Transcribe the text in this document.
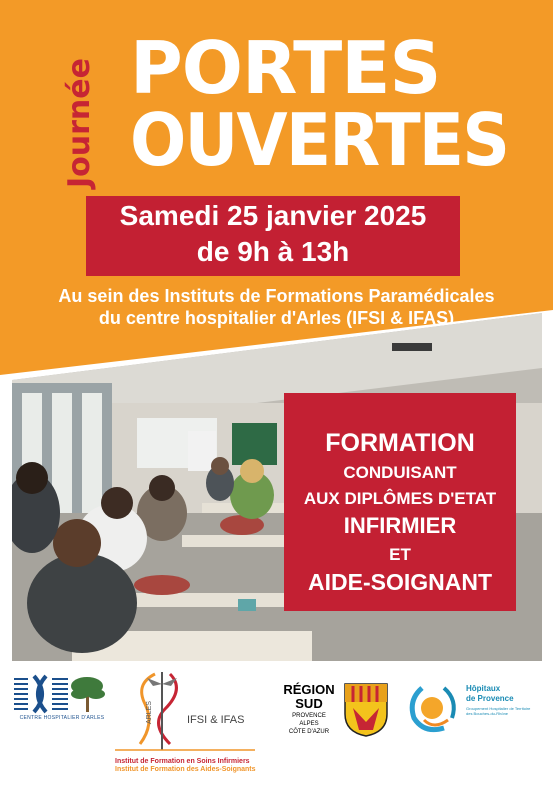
Journée PORTES
OUVERTES
Samedi 25 janvier 2025
de 9h à 13h
Au sein des Instituts de Formations Paramédicales
du centre hospitalier d'Arles (IFSI & IFAS)
FORMATION
CONDUISANT
AUX DIPLÔMES D'ETAT
INFIRMIER
ET
AIDE-SOIGNANT
CENTRE HOSPITALIER D'ARLES	ARLES	IFSI & IFAS
Institut de Formation en Soins Infirmiers
Institut de Formation des Aides-Soignants
RÉGION
SUD
PROVENCE
ALPES
CÔTE D'AZUR
Hôpitaux
de Provence
Groupement Hospitalier de Territoire des Bouches-du-Rhône
